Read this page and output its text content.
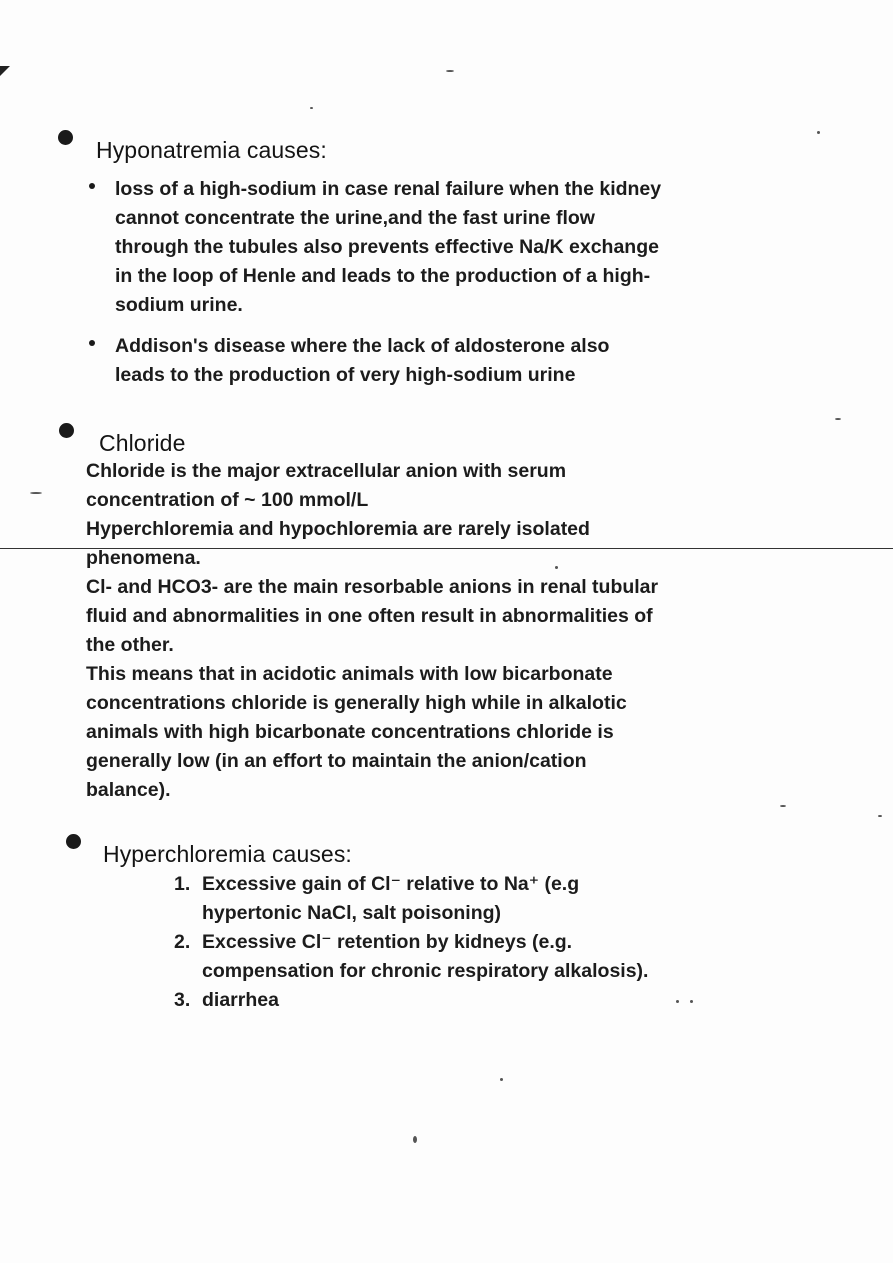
Hyponatremia causes:
loss of a high-sodium in case renal failure when the kidney
cannot concentrate the urine,and the fast urine flow
through the tubules also prevents effective Na/K exchange
in the loop of Henle and leads to the production of a high-
sodium urine.
Addison's disease where the lack of aldosterone also
leads to the production of very high-sodium urine
Chloride
Chloride is the major extracellular anion with serum
concentration of ~ 100 mmol/L
Hyperchloremia and hypochloremia are rarely isolated
phenomena.
Cl- and HCO3- are the main resorbable anions in renal tubular
fluid and abnormalities in one often result in abnormalities of
the other.
This means that in acidotic animals with low bicarbonate
concentrations chloride is generally high while in alkalotic
animals with high bicarbonate concentrations chloride is
generally low (in an effort to maintain the anion/cation
balance).
Hyperchloremia causes:
1. Excessive gain of Cl⁻ relative to Na⁺ (e.g
hypertonic NaCl, salt poisoning)
2. Excessive Cl⁻ retention by kidneys (e.g.
compensation for chronic respiratory alkalosis).
3. diarrhea
